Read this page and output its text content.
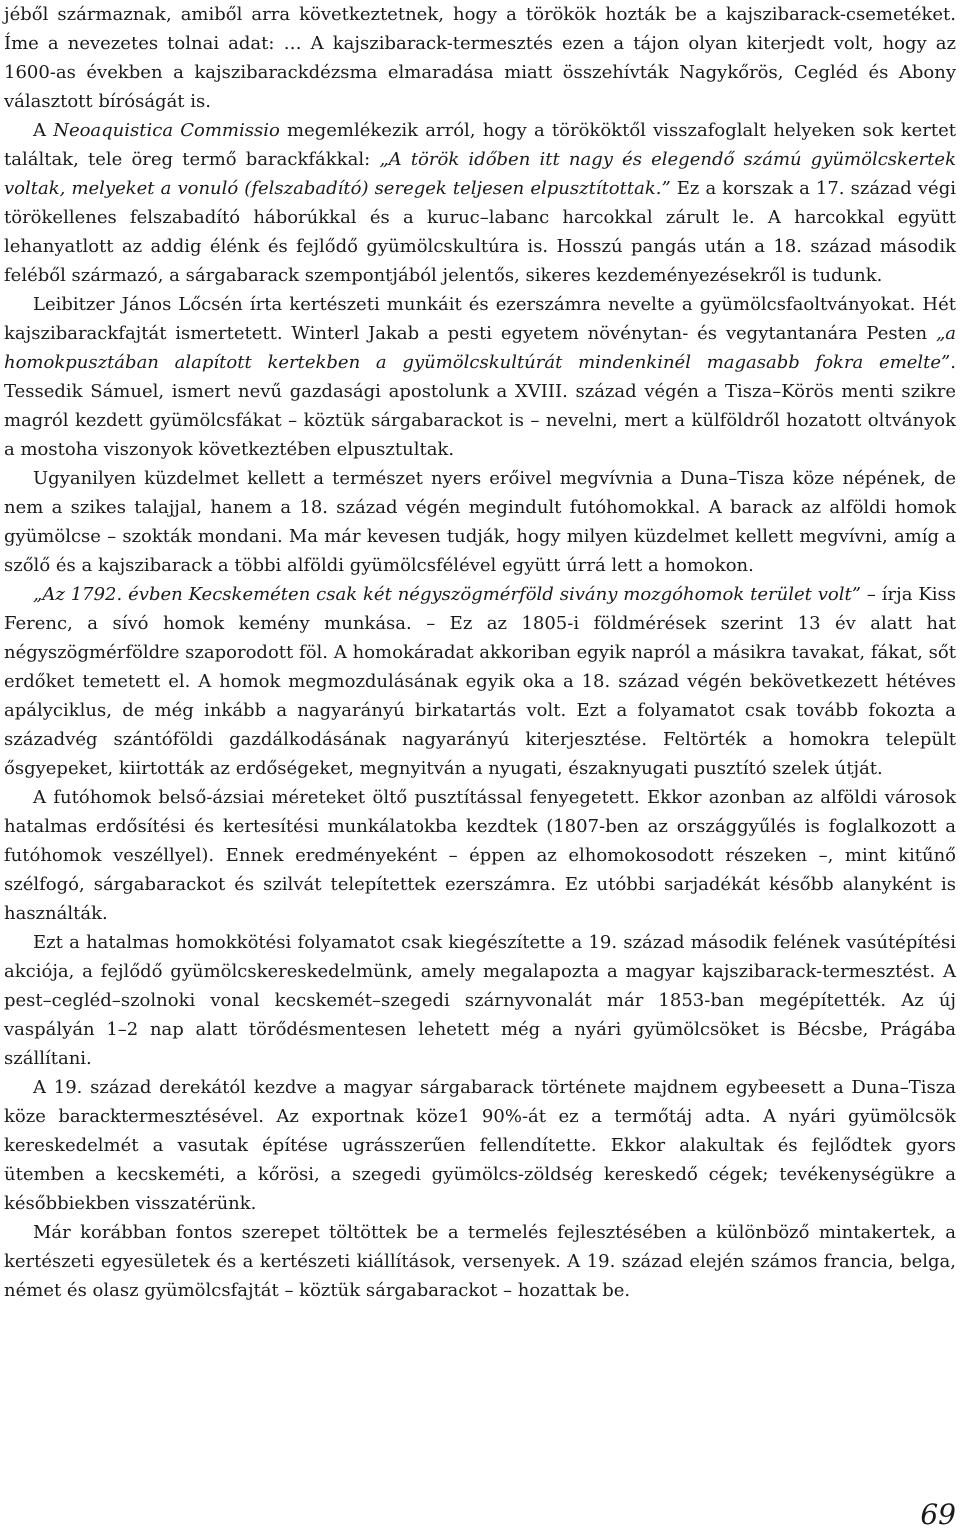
jéből származnak, amiből arra következtetnek, hogy a törökök hozták be a kajszibarack-csemetéket. Íme a nevezetes tolnai adat: … A kajszibarack-termesztés ezen a tájon olyan kiterjedt volt, hogy az 1600-as években a kajszibarackdézsma elmaradása miatt összehívták Nagykőrös, Cegléd és Abony választott bíróságát is.

A Neoaquistica Commissio megemlékezik arról, hogy a törököktől visszafoglalt helyeken sok kertet találtak, tele öreg termő barackfákkal: „A török időben itt nagy és elegendő számú gyümölcskertek voltak, melyeket a vonuló (felszabadító) seregek teljesen elpusztítottak.” Ez a korszak a 17. század végi törökellenes felszabadító háborúkkal és a kuruc–labanc harcokkal zárult le. A harcokkal együtt lehanyatlott az addig élénk és fejlődő gyümölcskultúra is. Hosszú pangás után a 18. század második feléből származó, a sárgabarack szempontjából jelentős, sikeres kezdeményezésekről is tudunk.

Leibitzer János Lőcsén írta kertészeti munkáit és ezerszámra nevelte a gyümölcsfaoltványokat. Hét kajszibarackfajtát ismertetett. Winterl Jakab a pesti egyetem növénytan- és vegytantanára Pesten „a homokpusztában alapított kertekben a gyümölcskultúrát mindenkinél magasabb fokra emelte”. Tessedik Sámuel, ismert nevű gazdasági apostolunk a XVIII. század végén a Tisza–Körös menti szikre magról kezdett gyümölcsfákat – köztük sárgabarackot is – nevelni, mert a külföldről hozatott oltványok a mostoha viszonyok következtében elpusztultak.

Ugyanilyen küzdelmet kellett a természet nyers erőivel megvívnia a Duna–Tisza köze népének, de nem a szikes talajjal, hanem a 18. század végén megindult futóhomokkal. A barack az alföldi homok gyümölcse – szokták mondani. Ma már kevesen tudják, hogy milyen küzdelmet kellett megvívni, amíg a szőlő és a kajszibarack a többi alföldi gyümölcsfélével együtt úrrá lett a homokon.

„Az 1792. évben Kecskeméten csak két négyszögmérföld sivány mozgóhomok terület volt” – írja Kiss Ferenc, a sívó homok kemény munkása. – Ez az 1805-i földmérések szerint 13 év alatt hat négyszögmérföldre szaporodott föl. A homokáradat akkoriban egyik napról a másikra tavakat, fákat, sőt erdőket temetett el. A homok megmozdulásának egyik oka a 18. század végén bekövetkezett hétéves apályciklus, de még inkább a nagyarányú birkatartás volt. Ezt a folyamatot csak tovább fokozta a századvég szántóföldi gazdálkodásának nagyarányú kiterjesztése. Feltörték a homokra települt ősgyepeket, kiirtották az erdőségeket, megnyitván a nyugati, északnyugati pusztító szelek útját.

A futóhomok belső-ázsiai méreteket öltő pusztítással fenyegetett. Ekkor azonban az alföldi városok hatalmas erdősítési és kertesítési munkálatokba kezdtek (1807-ben az országgyűlés is foglalkozott a futóhomok veszéllyel). Ennek eredményeként – éppen az elhomokosodott részeken –, mint kitűnő szélfogó, sárgabarackot és szilvát telepítettek ezerszámra. Ez utóbbi sarjadékát később alanyként is használták.

Ezt a hatalmas homokkötési folyamatot csak kiegészítette a 19. század második felének vasútépítési akciója, a fejlődő gyümölcskereskedelmünk, amely megalapozta a magyar kajszibarack-termesztést. A pest–cegléd–szolnoki vonal kecskemét–szegedi szárnyvonalát már 1853-ban megépítették. Az új vaspályán 1–2 nap alatt törődésmentesen lehetett még a nyári gyümölcsöket is Bécsbe, Prágába szállítani.

A 19. század derekától kezdve a magyar sárgabarack története majdnem egybeesett a Duna–Tisza köze baracktermesztésével. Az exportnak köze1 90%-át ez a termőtáj adta. A nyári gyümölcsök kereskedelmét a vasutak építése ugrásszerűen fellendítette. Ekkor alakultak és fejlődtek gyors ütemben a kecskeméti, a kőrösi, a szegedi gyümölcs-zöldség kereskedő cégek; tevékenységükre a későbbiekben visszatérünk.

Már korábban fontos szerepet töltöttek be a termelés fejlesztésében a különböző mintakertek, a kertészeti egyesületek és a kertészeti kiállítások, versenyek. A 19. század elején számos francia, belga, német és olasz gyümölcsfajtát – köztük sárgabarackot – hozattak be.

69
